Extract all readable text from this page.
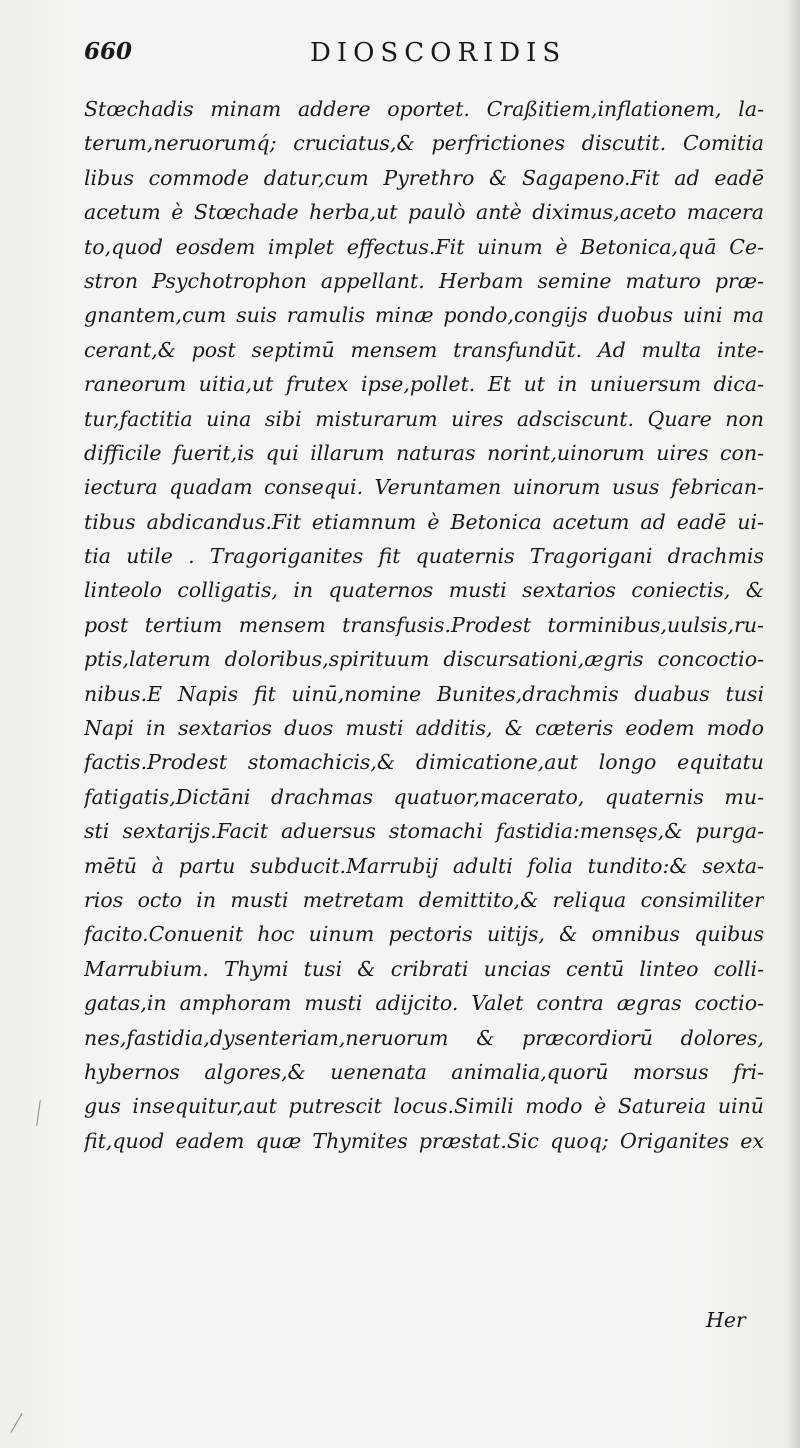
660	DIOSCORIDIS
Stœchadis minam addere oportet. Craßitiem,inflationem, la-
terum,neruorumq́; cruciatus,& perfrictiones discutit. Comitia
libus commode datur,cum Pyrethro & Sagapeno.Fit ad eadē
acetum è Stœchade herba,ut paulò antè diximus,aceto macera
to,quod eosdem implet effectus.Fit uinum è Betonica,quā Ce-
stron Psychotrophon appellant. Herbam semine maturo præ-
gnantem,cum suis ramulis minæ pondo,congijs duobus uini ma
cerant,& post septimū mensem transfundūt. Ad multa inte-
raneorum uitia,ut frutex ipse,pollet. Et ut in uniuersum dica-
tur,factitia uina sibi misturarum uires adsciscunt. Quare non
difficile fuerit,is qui illarum naturas norint,uinorum uires con-
iectura quadam consequi. Veruntamen uinorum usus febrican-
tibus abdicandus.Fit etiamnum è Betonica acetum ad eadē ui-
tia utile . Tragoriganites fit quaternis Tragorigani drachmis
linteolo colligatis, in quaternos musti sextarios coniectis, &
post tertium mensem transfusis.Prodest torminibus,uulsis,ru-
ptis,laterum doloribus,spirituum discursationi,ægris concoctio-
nibus.E Napis fit uinū,nomine Bunites,drachmis duabus tusi
Napi in sextarios duos musti additis, & cæteris eodem modo
factis.Prodest stomachicis,& dimicatione,aut longo equitatu
fatigatis,Dictāni drachmas quatuor,macerato, quaternis mu-
sti sextarijs.Facit aduersus stomachi fastidia:mensęs,& purga-
mētū à partu subducit.Marrubij adulti folia tundito:& sexta-
rios octo in musti metretam demittito,& reliqua consimiliter
facito.Conuenit hoc uinum pectoris uitijs, & omnibus quibus
Marrubium. Thymi tusi & cribrati uncias centū linteo colli-
gatas,in amphoram musti adijcito. Valet contra ægras coctio-
nes,fastidia,dysenteriam,neruorum & præcordiorū dolores,
hybernos algores,& uenenata animalia,quorū morsus fri-
gus insequitur,aut putrescit locus.Simili modo è Satureia uinū
fit,quod eadem quæ Thymites præstat.Sic quoq; Origanites ex
Her
